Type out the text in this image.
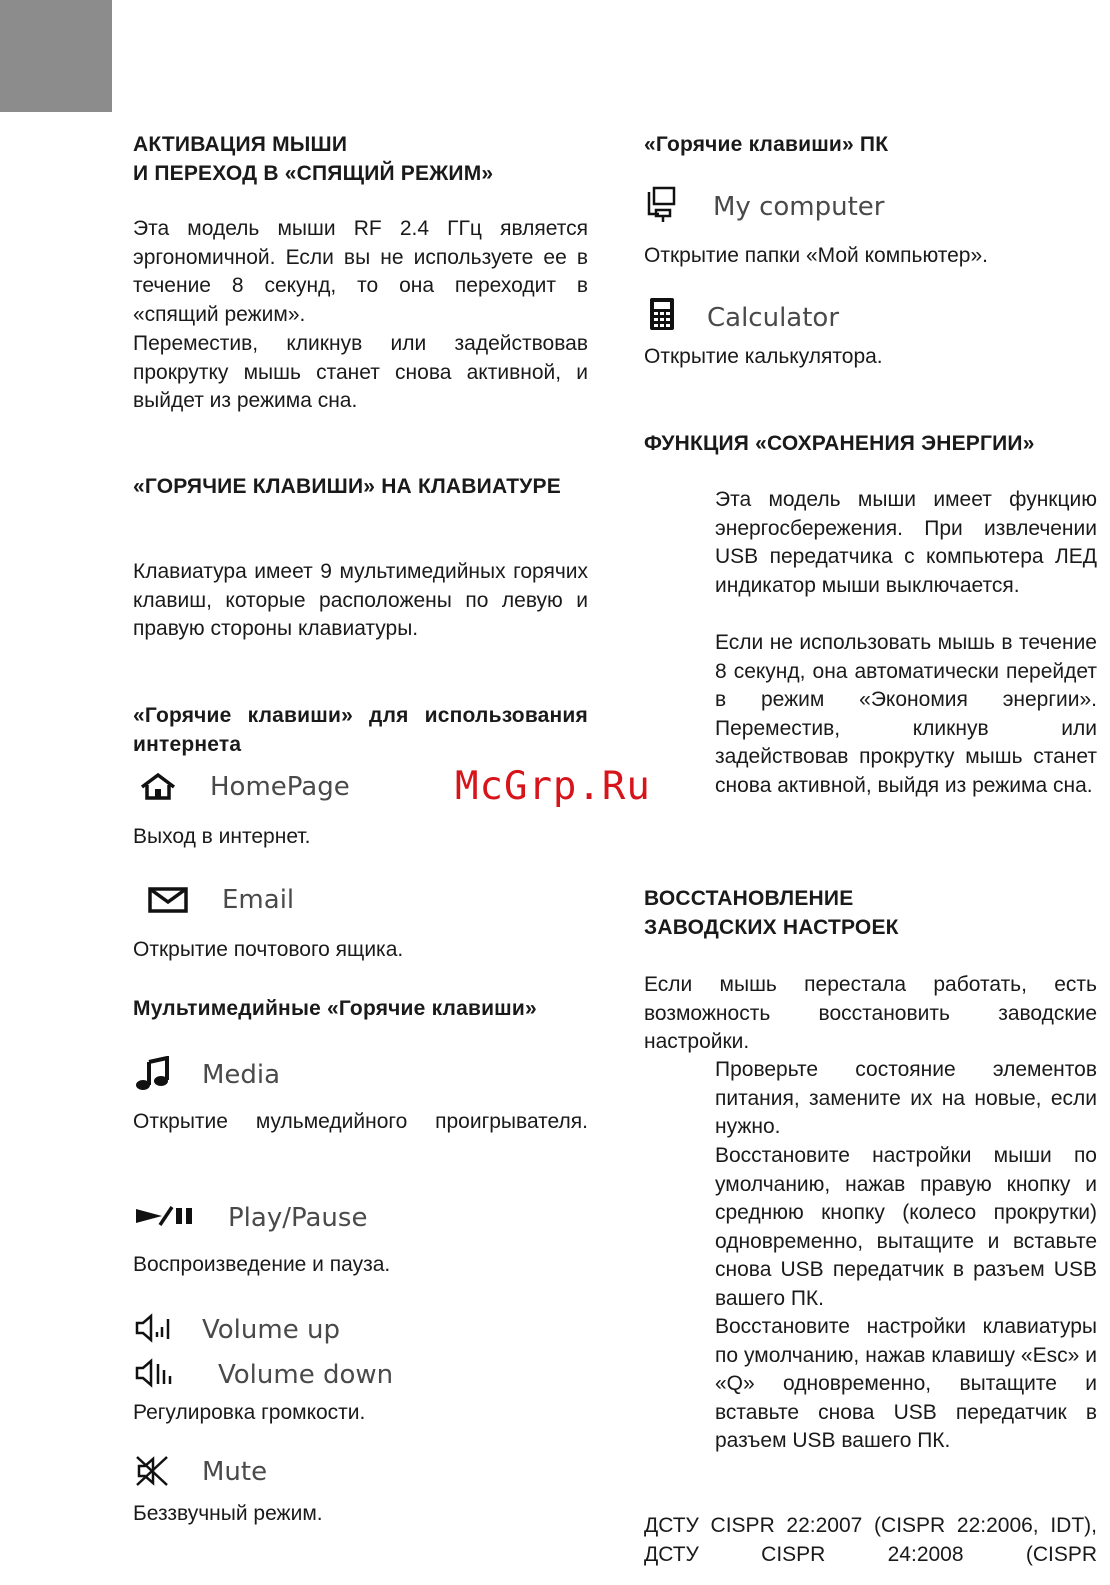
АКТИВАЦИЯ МЫШИ
И ПЕРЕХОД В «СПЯЩИЙ РЕЖИМ»
Эта модель мыши RF 2.4 ГГц является эргономичной. Если вы не используете ее в течение 8 секунд, то она переходит в «спящий режим».
Переместив, кликнув или задействовав прокрутку мышь станет снова активной, и выйдет из режима сна.
«ГОРЯЧИЕ КЛАВИШИ» НА КЛАВИАТУРЕ
Клавиатура имеет 9 мультимедийных горячих клавиш, которые расположены по левую и правую стороны клавиатуры.
«Горячие клавиши» для использования интернета
HomePage
Выход в интернет.
Email
Открытие почтового ящика.
Мультимедийные «Горячие клавиши»
Media
Открытие мульмедийного проигрывателя.
Play/Pause
Воспроизведение и пауза.
Volume up
Volume down
Регулировка громкости.
Mute
Беззвучный режим.
«Горячие клавиши» ПК
My computer
Открытие папки «Мой компьютер».
Calculator
Открытие калькулятора.
ФУНКЦИЯ «СОХРАНЕНИЯ ЭНЕРГИИ»
Эта модель мыши имеет функцию энергосбережения. При извлечении USB передатчика с компьютера ЛЕД индикатор мыши выключается.
Если не использовать мышь в течение 8 секунд, она автоматически перейдет в режим «Экономия энергии». Переместив, кликнув или задействовав прокрутку мышь станет снова активной, выйдя из режима сна.
ВОССТАНОВЛЕНИЕ
ЗАВОДСКИХ НАСТРОЕК
Если мышь перестала работать, есть возможность восстановить заводские настройки.
Проверьте состояние элементов питания, замените их на новые, если нужно.
Восстановите настройки мыши по умолчанию, нажав правую кнопку и среднюю кнопку (колесо прокрутки) одновременно, вытащите и вставьте снова USB передатчик в разъем USB вашего ПК.
Восстановите настройки клавиатуры по умолчанию, нажав клавишу «Esc» и «Q» одновременно, вытащите и вставьте снова USB передатчик в разъем USB вашего ПК.
ДСТУ CISPR 22:2007 (CISPR 22:2006, IDT), ДСТУ CISPR 24:2008 (CISPR
McGrp.Ru
